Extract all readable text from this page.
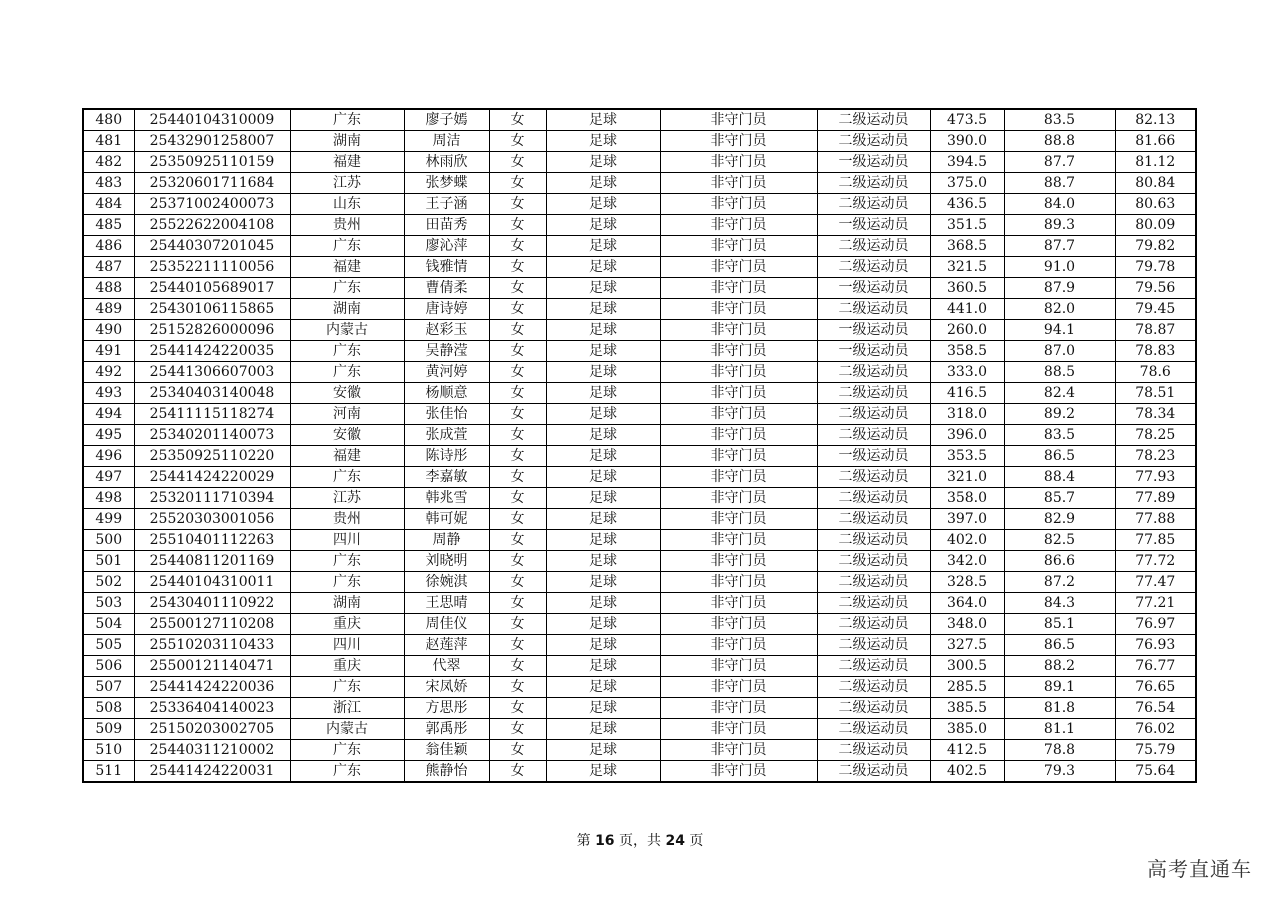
480	25440104310009	广东	廖子嫣	女	足球	非守门员	二级运动员	473.5	83.5	82.13
481	25432901258007	湖南	周洁	女	足球	非守门员	二级运动员	390.0	88.8	81.66
482	25350925110159	福建	林雨欣	女	足球	非守门员	一级运动员	394.5	87.7	81.12
483	25320601711684	江苏	张梦蝶	女	足球	非守门员	二级运动员	375.0	88.7	80.84
484	25371002400073	山东	王子涵	女	足球	非守门员	二级运动员	436.5	84.0	80.63
485	25522622004108	贵州	田苗秀	女	足球	非守门员	一级运动员	351.5	89.3	80.09
486	25440307201045	广东	廖沁萍	女	足球	非守门员	二级运动员	368.5	87.7	79.82
487	25352211110056	福建	钱雅情	女	足球	非守门员	二级运动员	321.5	91.0	79.78
488	25440105689017	广东	曹倩柔	女	足球	非守门员	一级运动员	360.5	87.9	79.56
489	25430106115865	湖南	唐诗婷	女	足球	非守门员	二级运动员	441.0	82.0	79.45
490	25152826000096	内蒙古	赵彩玉	女	足球	非守门员	一级运动员	260.0	94.1	78.87
491	25441424220035	广东	吴静滢	女	足球	非守门员	一级运动员	358.5	87.0	78.83
492	25441306607003	广东	黄河婷	女	足球	非守门员	二级运动员	333.0	88.5	78.6
493	25340403140048	安徽	杨顺意	女	足球	非守门员	二级运动员	416.5	82.4	78.51
494	25411115118274	河南	张佳怡	女	足球	非守门员	二级运动员	318.0	89.2	78.34
495	25340201140073	安徽	张成萱	女	足球	非守门员	二级运动员	396.0	83.5	78.25
496	25350925110220	福建	陈诗彤	女	足球	非守门员	一级运动员	353.5	86.5	78.23
497	25441424220029	广东	李嘉敏	女	足球	非守门员	二级运动员	321.0	88.4	77.93
498	25320111710394	江苏	韩兆雪	女	足球	非守门员	二级运动员	358.0	85.7	77.89
499	25520303001056	贵州	韩可妮	女	足球	非守门员	二级运动员	397.0	82.9	77.88
500	25510401112263	四川	周静	女	足球	非守门员	二级运动员	402.0	82.5	77.85
501	25440811201169	广东	刘晓明	女	足球	非守门员	二级运动员	342.0	86.6	77.72
502	25440104310011	广东	徐婉淇	女	足球	非守门员	二级运动员	328.5	87.2	77.47
503	25430401110922	湖南	王思晴	女	足球	非守门员	二级运动员	364.0	84.3	77.21
504	25500127110208	重庆	周佳仪	女	足球	非守门员	二级运动员	348.0	85.1	76.97
505	25510203110433	四川	赵莲萍	女	足球	非守门员	二级运动员	327.5	86.5	76.93
506	25500121140471	重庆	代翠	女	足球	非守门员	二级运动员	300.5	88.2	76.77
507	25441424220036	广东	宋凤娇	女	足球	非守门员	二级运动员	285.5	89.1	76.65
508	25336404140023	浙江	方思彤	女	足球	非守门员	二级运动员	385.5	81.8	76.54
509	25150203002705	内蒙古	郭禹彤	女	足球	非守门员	二级运动员	385.0	81.1	76.02
510	25440311210002	广东	翁佳颖	女	足球	非守门员	二级运动员	412.5	78.8	75.79
511	25441424220031	广东	熊静怡	女	足球	非守门员	二级运动员	402.5	79.3	75.64
第 16 页，共 24 页
高考直通车
